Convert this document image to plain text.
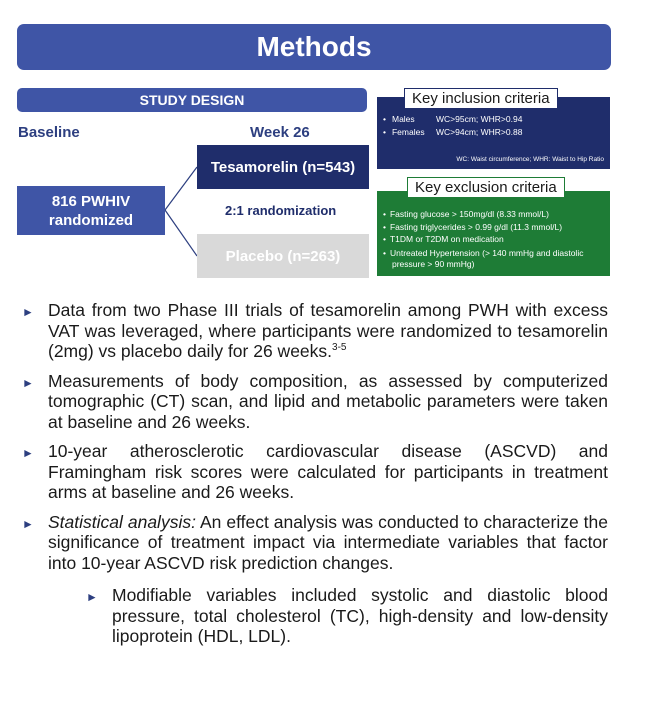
Methods
STUDY DESIGN
Baseline	Week 26
816 PWHIV
randomized
Tesamorelin (n=543)
2:1 randomization
Placebo (n=263)
• Males	WC>95cm; WHR>0.94
• Females WC>94cm; WHR>0.88
WC: Waist circumference; WHR: Waist to Hip Ratio
Key inclusion criteria
• Fasting glucose > 150mg/dl (8.33 mmol/L)
• Fasting triglycerides > 0.99 g/dl (11.3 mmol/L)
• T1DM or T2DM on medication
• Untreated Hypertension (> 140 mmHg and diastolic pressure > 90 mmHg)
Key exclusion criteria
► Data from two Phase III trials of tesamorelin among PWH with excess VAT was leveraged, where participants were randomized to tesamorelin (2mg) vs placebo daily for 26 weeks.$^{3-5}$
► Measurements of body composition, as assessed by computerized tomographic (CT) scan, and lipid and metabolic parameters were taken at baseline and 26 weeks.
► 10-year atherosclerotic cardiovascular disease (ASCVD) and Framingham risk scores were calculated for participants in treatment arms at baseline and 26 weeks.
► Statistical analysis: An effect analysis was conducted to characterize the significance of treatment impact via intermediate variables that factor into 10-year ASCVD risk prediction changes.
► Modifiable variables included systolic and diastolic blood pressure, total cholesterol (TC), high-density and low-density lipoprotein (HDL, LDL).
